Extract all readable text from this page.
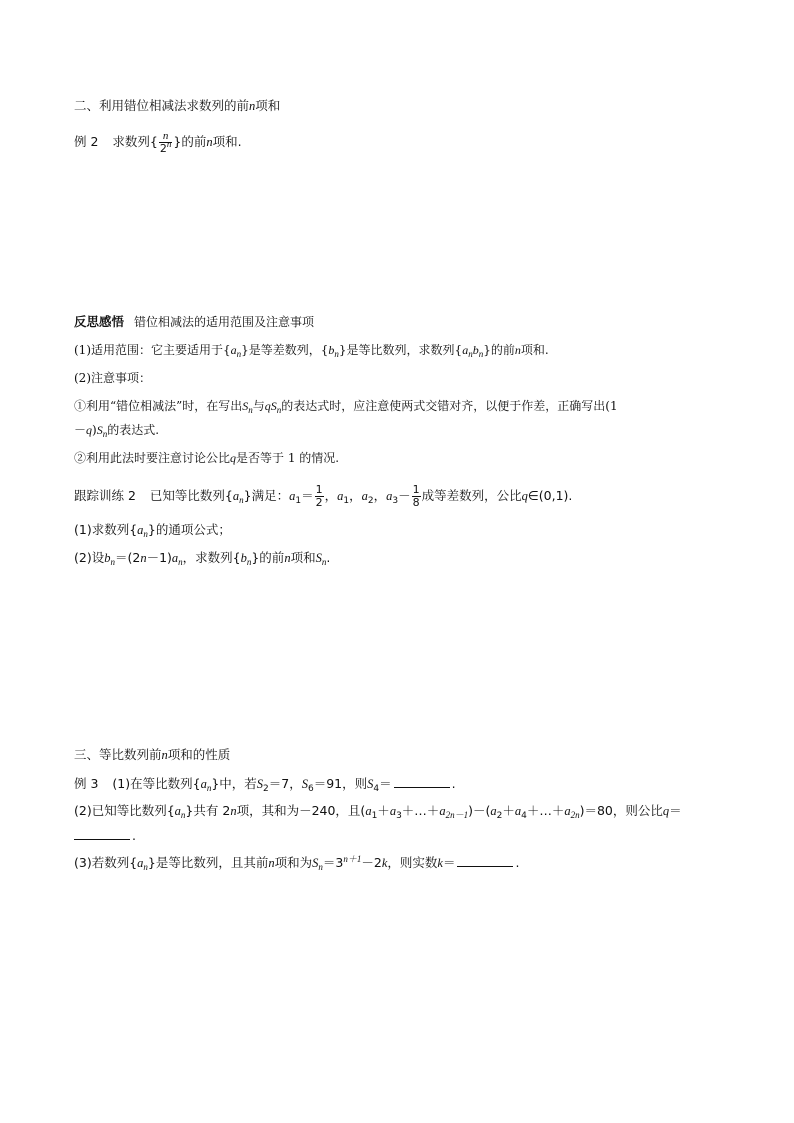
二、利用错位相减法求数列的前n项和
例 2 求数列{ $\frac{n}{2^n}$ }的前n项和.
反思感悟 错位相减法的适用范围及注意事项
(1)适用范围：它主要适用于$\{a_n\}$是等差数列，$\{b_n\}$是等比数列，求数列$\{a_nb_n\}$的前n项和.
(2)注意事项：
①利用“错位相减法”时，在写出$S_n$与$qS_n$的表达式时，应注意使两式交错对齐，以便于作差，正确写出(1
$-q)S_n$的表达式.
②利用此法时要注意讨论公比q是否等于 1 的情况.
跟踪训练 2 已知等比数列$\{a_n\}$满足：$a_1= \frac{1}{2}$ ，$a_1$，$a_2$，$a_3- \frac{1}{8}$ 成等差数列，公比q∈(0,1).
(1)求数列$\{a_n\}$的通项公式；
(2)设$b_n=(2n-1)a_n$，求数列$\{b_n\}$的前n项和$S_n$.
三、等比数列前n项和的性质
例 3 (1)在等比数列$\{a_n\}$中，若$S_2=7$，$S_6=91$，则$S_4=$	.
(2)已知等比数列$\{a_n\}$共有 2n项，其和为－240，且$(a_1+a_3+\dots+a_{2n-1})-(a_2+a_4+\dots+a_{2n})=80$，则公比q＝
.
(3)若数列$\{a_n\}$是等比数列，且其前n项和为$S_n=3^{n+1}-2k$，则实数k＝	.
